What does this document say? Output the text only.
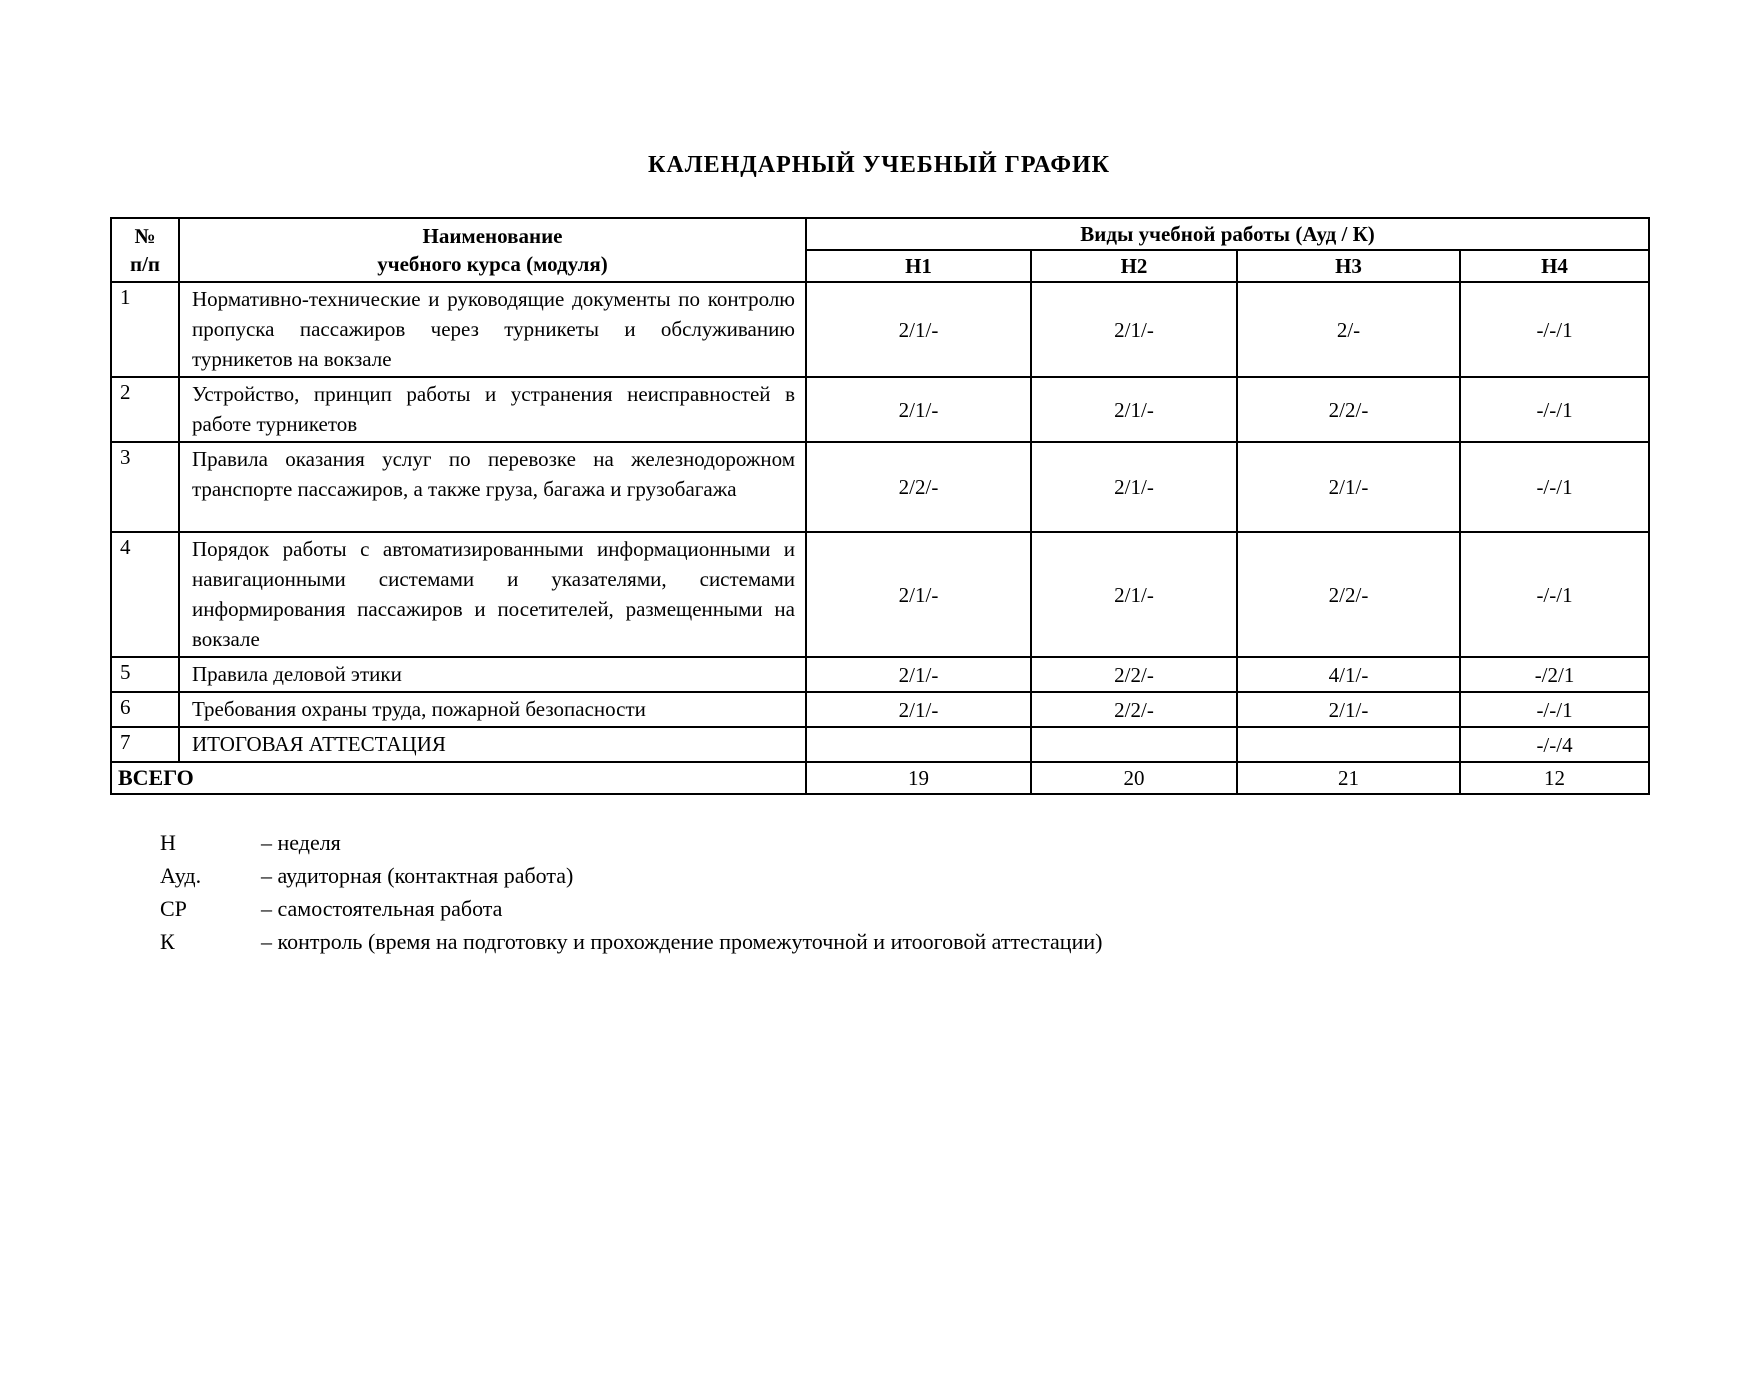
КАЛЕНДАРНЫЙ УЧЕБНЫЙ ГРАФИК
№
п/п

Наименование
учебного курса (модуля)
	Виды учебной работы (Ауд / К)
		Н1	Н2	Н3	Н4
1	Нормативно-технические и руководящие документы по контролю пропуска пассажиров через турникеты и обслуживанию турникетов на вокзале	2/1/-	2/1/-	2/-	-/-/1
2	Устройство, принцип работы и устранения неисправностей в работе турникетов	2/1/-	2/1/-	2/2/-	-/-/1
3	Правила оказания услуг по перевозке на железнодорожном транспорте пассажиров, а также груза, багажа и грузобагажа	2/2/-	2/1/-	2/1/-	-/-/1
4	Порядок работы с автоматизированными информационными и навигационными системами и указателями, системами информирования пассажиров и посетителей, размещенными на вокзале	2/1/-	2/1/-	2/2/-	-/-/1
5	Правила деловой этики	2/1/-	2/2/-	4/1/-	-/2/1
6	Требования охраны труда, пожарной безопасности	2/1/-	2/2/-	2/1/-	-/-/1
7	ИТОГОВАЯ АТТЕСТАЦИЯ				-/-/4
ВСЕГО		19	20	21	12
Н	– неделя
Ауд.	– аудиторная (контактная работа)
СР	– самостоятельная работа
К	– контроль (время на подготовку и прохождение промежуточной и итооговой аттестации)
